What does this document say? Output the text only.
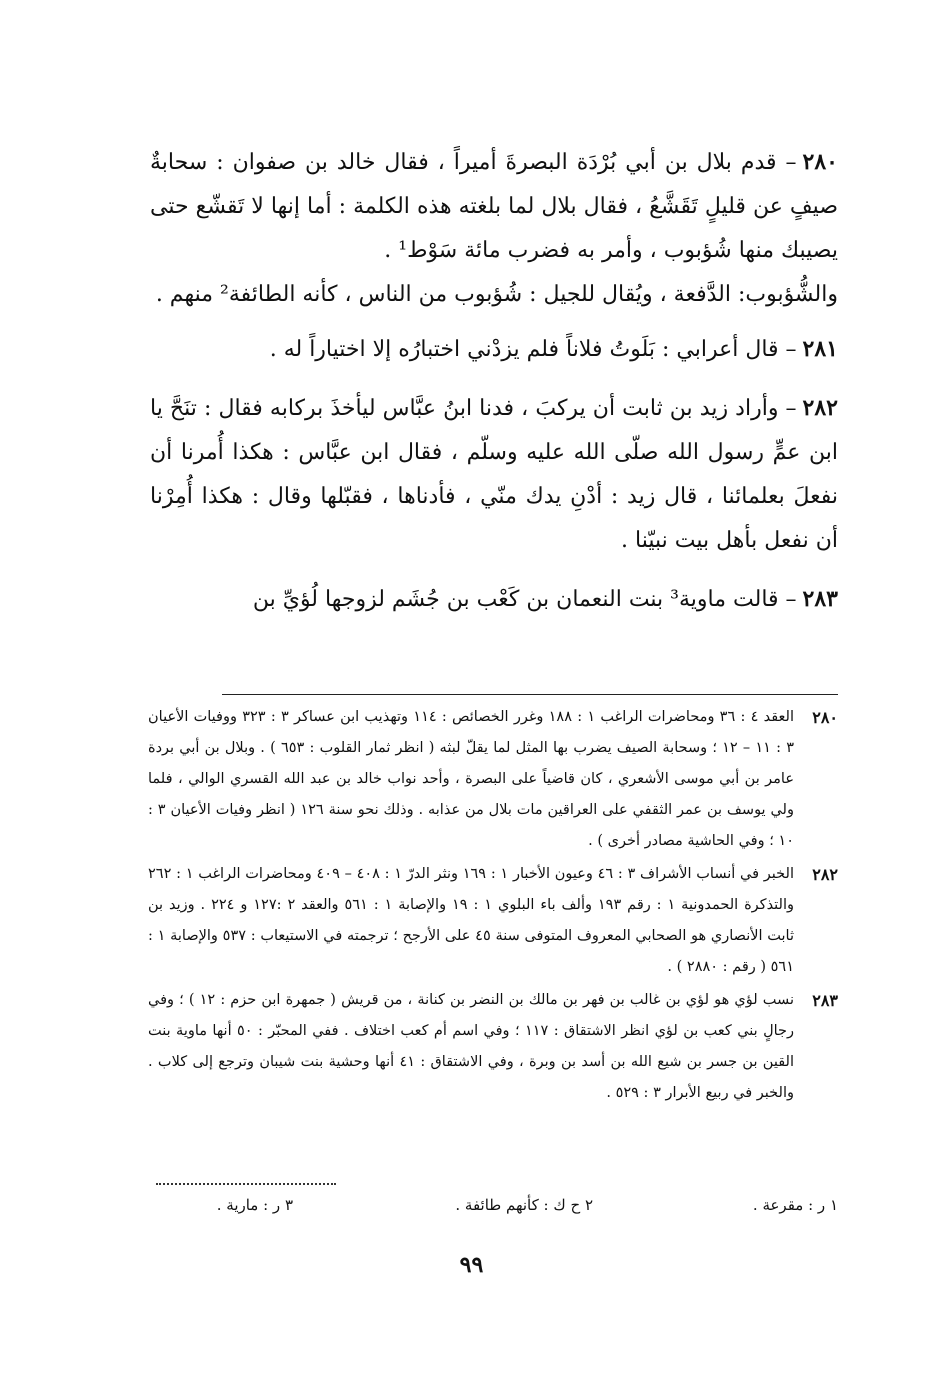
٢٨٠– قدم بلال بن أبي بُرْدَة البصرةَ أميراً ، فقال خالد بن صفوان : سحابةٌ صيفٍ عن قليلٍ تَقَشَّعُ ، فقال بلال لما بلغته هذه الكلمة : أما إنها لا تَقشّع حتى يصيبك منها شُؤبوب ، وأمر به فضرب مائة سَوْط¹ .

والشُّؤبوب: الدَّفعة ، ويُقال للجيل : شُؤبوب من الناس ، كأنه الطائفة² منهم .

٢٨١– قال أعرابي : بَلَوتُ فلاناً فلم يزدْني اختبارُه إلا اختياراً له .

٢٨٢– وأراد زيد بن ثابت أن يركبَ ، فدنا ابنُ عبَّاس ليأخذَ بركابه فقال : تنَحَّ يا ابن عمٍّ رسول الله صلّى الله عليه وسلّم ، فقال ابن عبَّاس : هكذا أُمرنا أن نفعلَ بعلمائنا ، قال زيد : أدْنِ يدك منّي ، فأدناها ، فقبّلها وقال : هكذا أُمِرْنا أن نفعل بأهل بيت نبيّنا .

٢٨٣– قالت ماوية³ بنت النعمان بن كَعْب بن جُشَم لزوجها لُؤيِّ بن

٢٨٠
العقد ٤ : ٣٦ ومحاضرات الراغب ١ : ١٨٨ وغرر الخصائص : ١١٤ وتهذيب ابن عساكر ٣ : ٣٢٣ ووفيات الأعيان ٣ : ١١ – ١٢ ؛ وسحابة الصيف يضرب بها المثل لما يقلّ لبثه ( انظر ثمار القلوب : ٦٥٣ ) . وبلال بن أبي بردة عامر بن أبي موسى الأشعري ، كان قاضياً على البصرة ، وأحد نواب خالد بن عبد الله القسري الوالي ، فلما ولي يوسف بن عمر الثقفي على العراقين مات بلال من عذابه . وذلك نحو سنة ١٢٦ ( انظر وفيات الأعيان ٣ : ١٠ ؛ وفي الحاشية مصادر أخرى ) .
٢٨٢
الخبر في أنساب الأشراف ٣ : ٤٦ وعيون الأخبار ١ : ١٦٩ ونثر الدرّ ١ : ٤٠٨ – ٤٠٩ ومحاضرات الراغب ١ : ٢٦٢ والتذكرة الحمدونية ١ : رقم ١٩٣ وألف باء البلوي ١ : ١٩ والإصابة ١ : ٥٦١ والعقد ٢ :١٢٧ و ٢٢٤ . وزيد بن ثابت الأنصاري هو الصحابي المعروف المتوفى سنة ٤٥ على الأرجح ؛ ترجمته في الاستيعاب : ٥٣٧ والإصابة ١ : ٥٦١ ( رقم : ٢٨٨٠ ) .
٢٨٣
نسب لؤي هو لؤي بن غالب بن فهر بن مالك بن النضر بن كنانة ، من قريش ( جمهرة ابن حزم : ١٢ ) ؛ وفي رجالٍ بني كعب بن لؤي انظر الاشتقاق : ١١٧ ؛ وفي اسم أم كعب اختلاف . ففي المحبّر : ٥٠ أنها ماوية بنت القين بن جسر بن شيع الله بن أسد بن وبرة ، وفي الاشتقاق : ٤١ أنها وحشية بنت شيبان وترجع إلى كلاب . والخبر في ربيع الأبرار ٣ : ٥٢٩ .
١ ر : مقرعة .
٢ ح ك : كأنهم طائفة .
٣ ر : مارية .
٩٩
